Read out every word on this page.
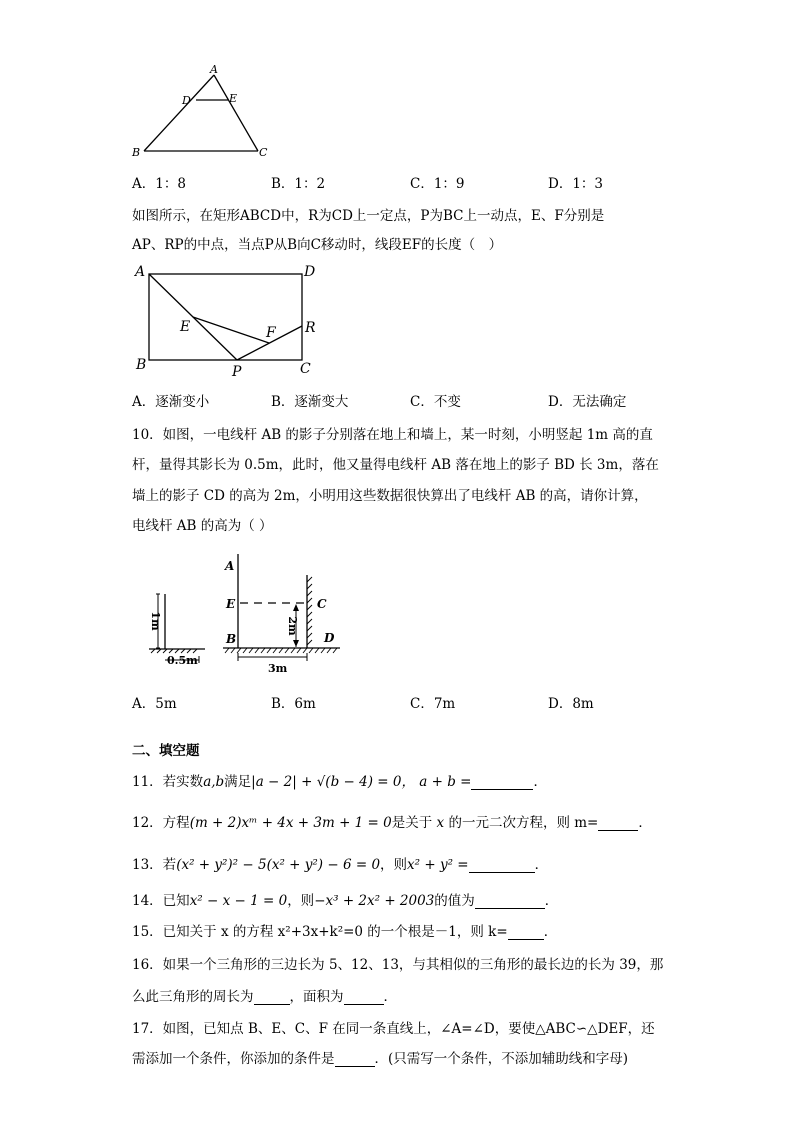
A
D	E
B	C
A．1：8	B．1：2	C．1：9	D．1：3
如图所示，在矩形ABCD中，R为CD上一定点，P为BC上一动点，E、F分别是
AP、RP的中点，当点P从B向C移动时，线段EF的长度（　）
A	D
E	F R
B	P	C
A．逐渐变小	B．逐渐变大	C．不变	D．无法确定
10．如图，一电线杆 AB 的影子分别落在地上和墙上，某一时刻，小明竖起 1m 高的直
杆，量得其影长为 0.5m，此时，他又量得电线杆 AB 落在地上的影子 BD 长 3m，落在
墙上的影子 CD 的高为 2m，小明用这些数据很快算出了电线杆 AB 的高，请你计算，
电线杆 AB 的高为（ ）
1m
0.5m
A
E
B
C
D
2m
3m
A．5m	B．6m	C．7m	D．8m
二、填空题
11．若实数a,b满足|a − 2| + √(b − 4) = 0， a + b =	．
12．方程(m + 2)xᵐ + 4x + 3m + 1 = 0是关于 x 的一元二次方程，则 m=	．
13．若(x² + y²)² − 5(x² + y²) − 6 = 0，则x² + y² =	．
14．已知x² − x − 1 = 0，则−x³ + 2x² + 2003的值为	．
15．已知关于 x 的方程 x²+3x+k²=0 的一个根是－1，则 k=	．
16．如果一个三角形的三边长为 5、12、13，与其相似的三角形的最长边的长为 39，那
么此三角形的周长为	，面积为	．
17．如图，已知点 B、E、C、F 在同一条直线上，∠A=∠D，要使△ABC∽△DEF，还
需添加一个条件，你添加的条件是	．(只需写一个条件，不添加辅助线和字母)
